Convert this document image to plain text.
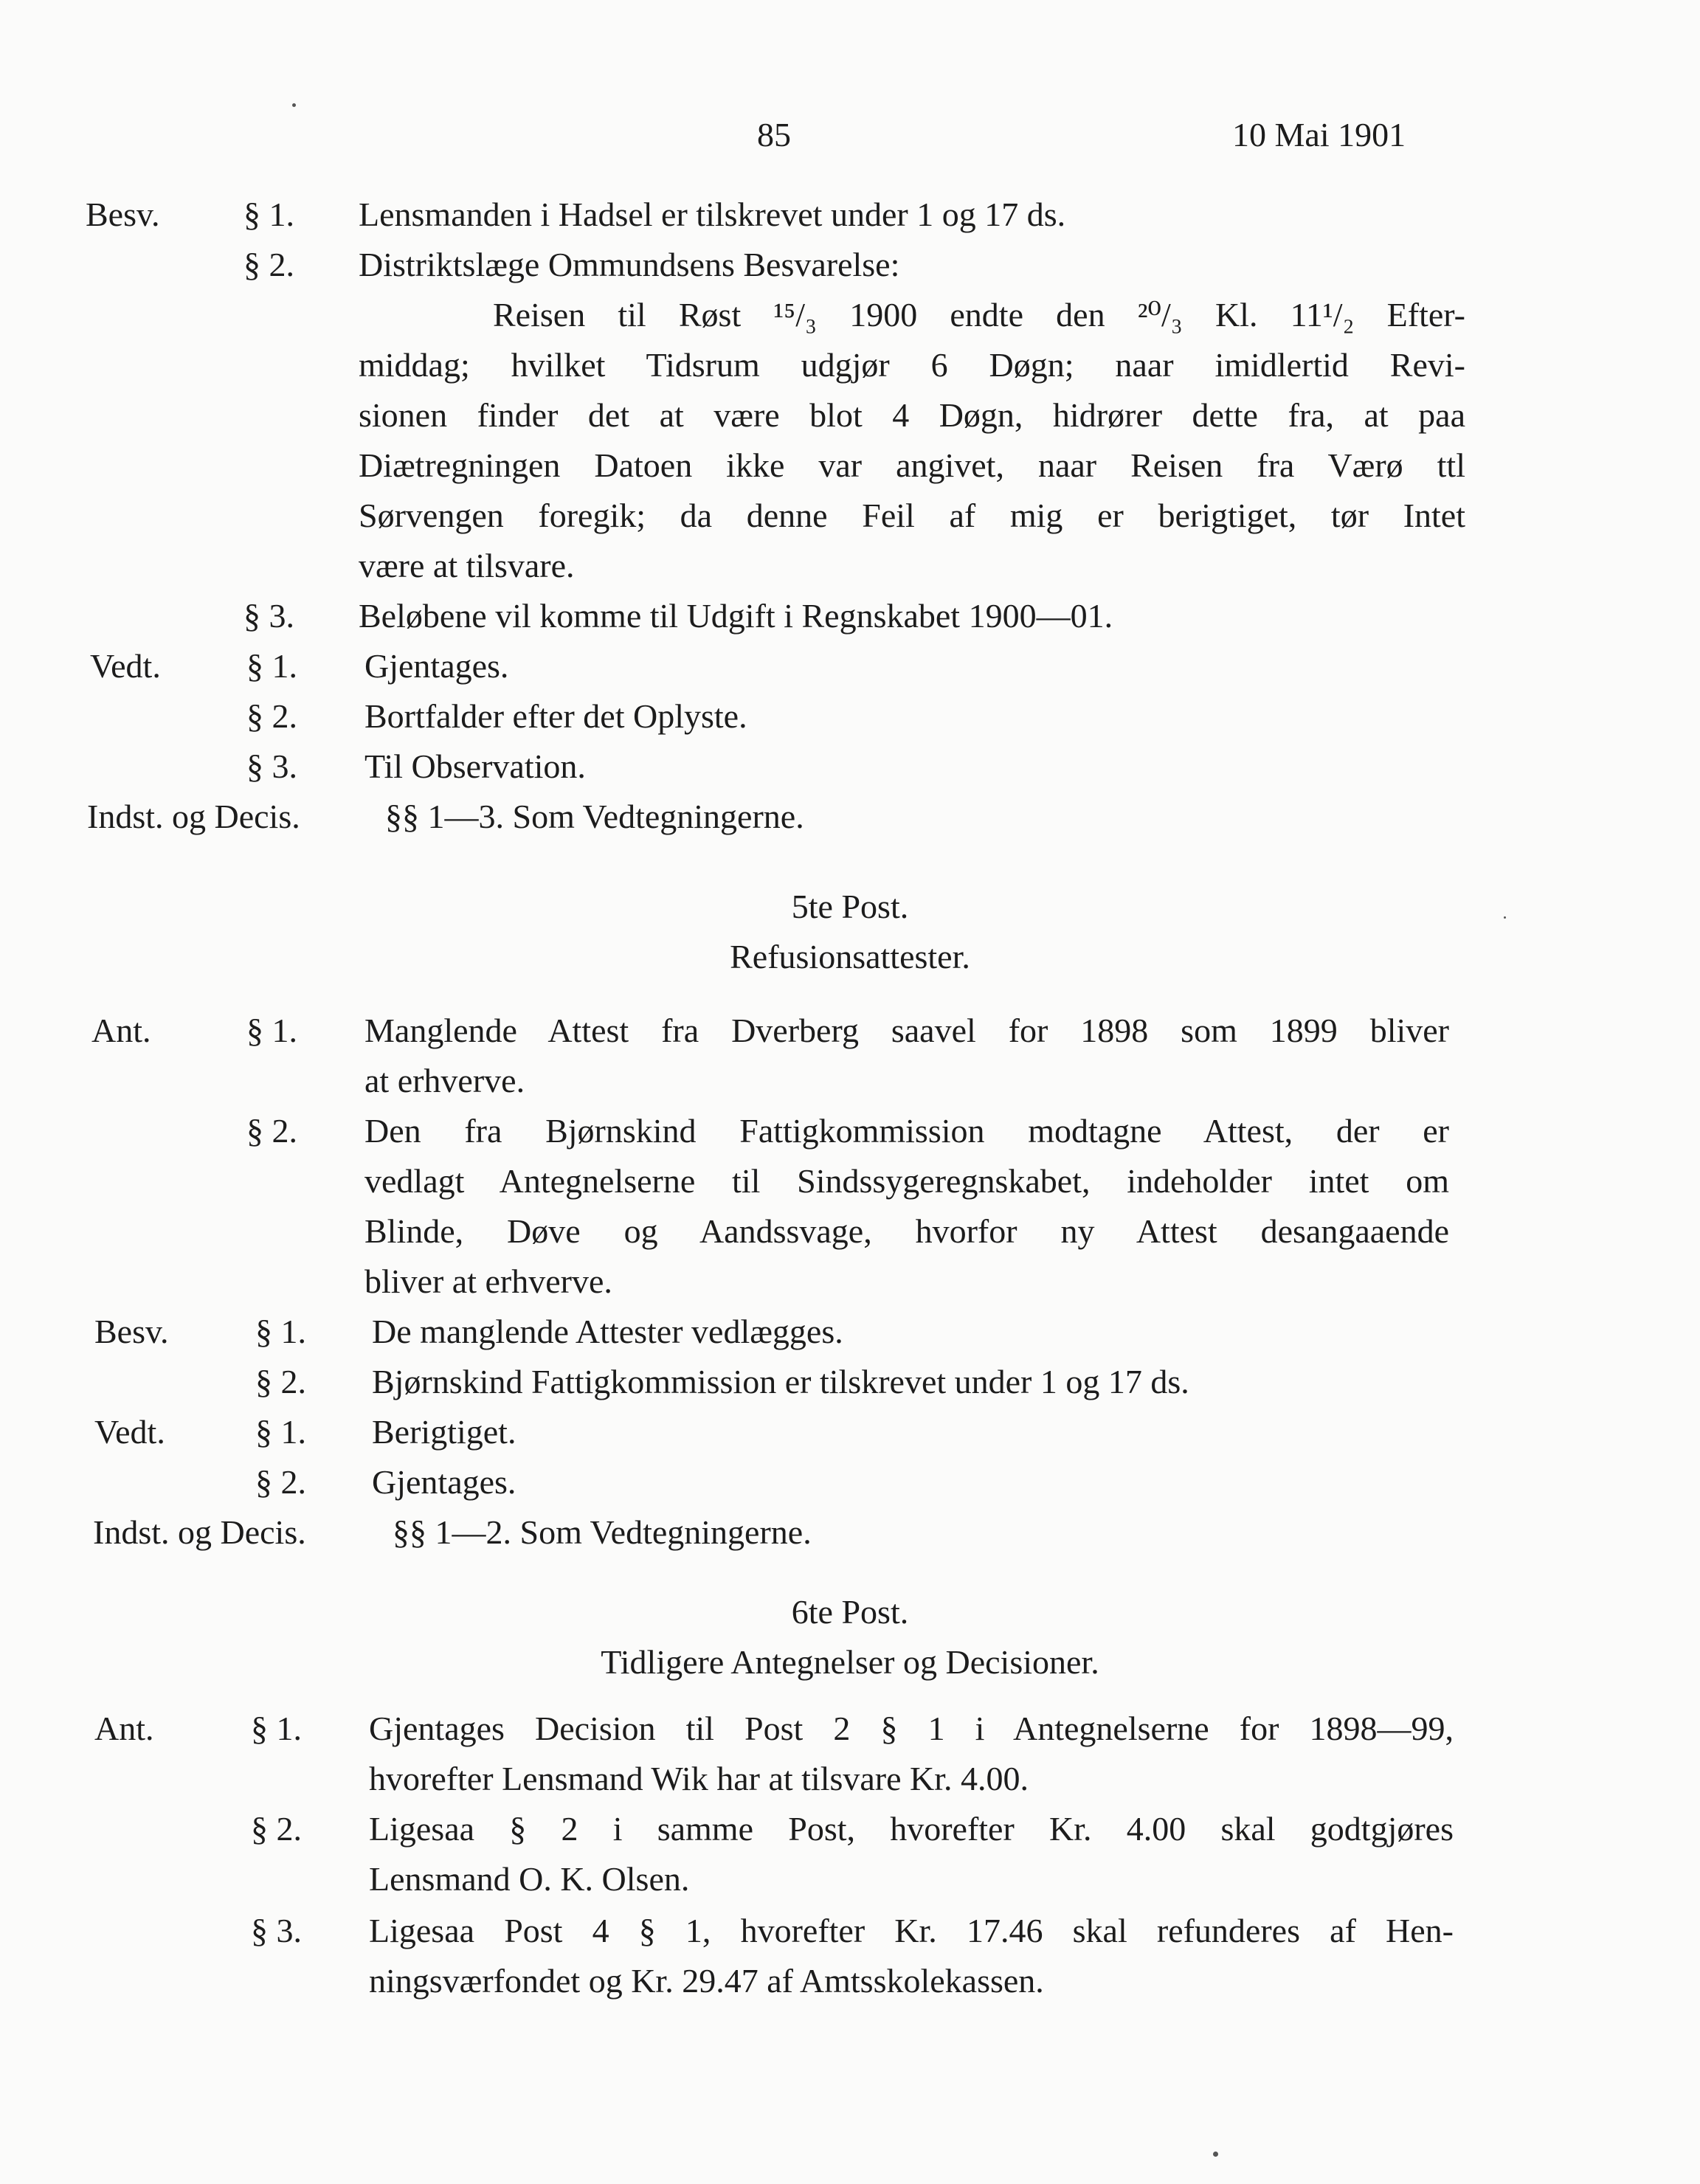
85	10 Mai 1901
Besv. § 1. Lensmanden i Hadsel er tilskrevet under 1 og 17 ds.
§ 2. Distriktslæge Ommundsens Besvarelse:
Reisen til Røst ¹⁵/₃ 1900 endte den ²⁰/₃ Kl. 11¹/₂ Efter-
middag; hvilket Tidsrum udgjør 6 Døgn; naar imidlertid Revi-
sionen finder det at være blot 4 Døgn, hidrører dette fra, at paa
Diætregningen Datoen ikke var angivet, naar Reisen fra Værø ttl
Sørvengen foregik; da denne Feil af mig er berigtiget, tør Intet
være at tilsvare.
§ 3. Beløbene vil komme til Udgift i Regnskabet 1900—01.
Vedt.	§ 1. Gjentages.
§ 2. Bortfalder efter det Oplyste.
§ 3. Til Observation.
Indst. og Decis.	§§ 1—3. Som Vedtegningerne.
5te Post.
Refusionsattester.
Ant.	§ 1. Manglende Attest fra Dverberg saavel for 1898 som 1899 bliver
at erhverve.
§ 2. Den fra Bjørnskind Fattigkommission modtagne Attest, der er
vedlagt Antegnelserne til Sindssygeregnskabet, indeholder intet om
Blinde, Døve og Aandssvage, hvorfor ny Attest desangaaende
bliver at erhverve.
Besv.	§ 1. De manglende Attester vedlægges.
§ 2. Bjørnskind Fattigkommission er tilskrevet under 1 og 17 ds.
Vedt.	§ 1. Berigtiget.
§ 2. Gjentages.
Indst. og Decis.	§§ 1—2. Som Vedtegningerne.
6te Post.
Tidligere Antegnelser og Decisioner.
Ant.	§ 1. Gjentages Decision til Post 2 § 1 i Antegnelserne for 1898—99,
hvorefter Lensmand Wik har at tilsvare Kr. 4.00.
§ 2. Ligesaa § 2 i samme Post, hvorefter Kr. 4.00 skal godtgjøres
Lensmand O. K. Olsen.
§ 3. Ligesaa Post 4 § 1, hvorefter Kr. 17.46 skal refunderes af Hen-
ningsværfondet og Kr. 29.47 af Amtsskolekassen.
